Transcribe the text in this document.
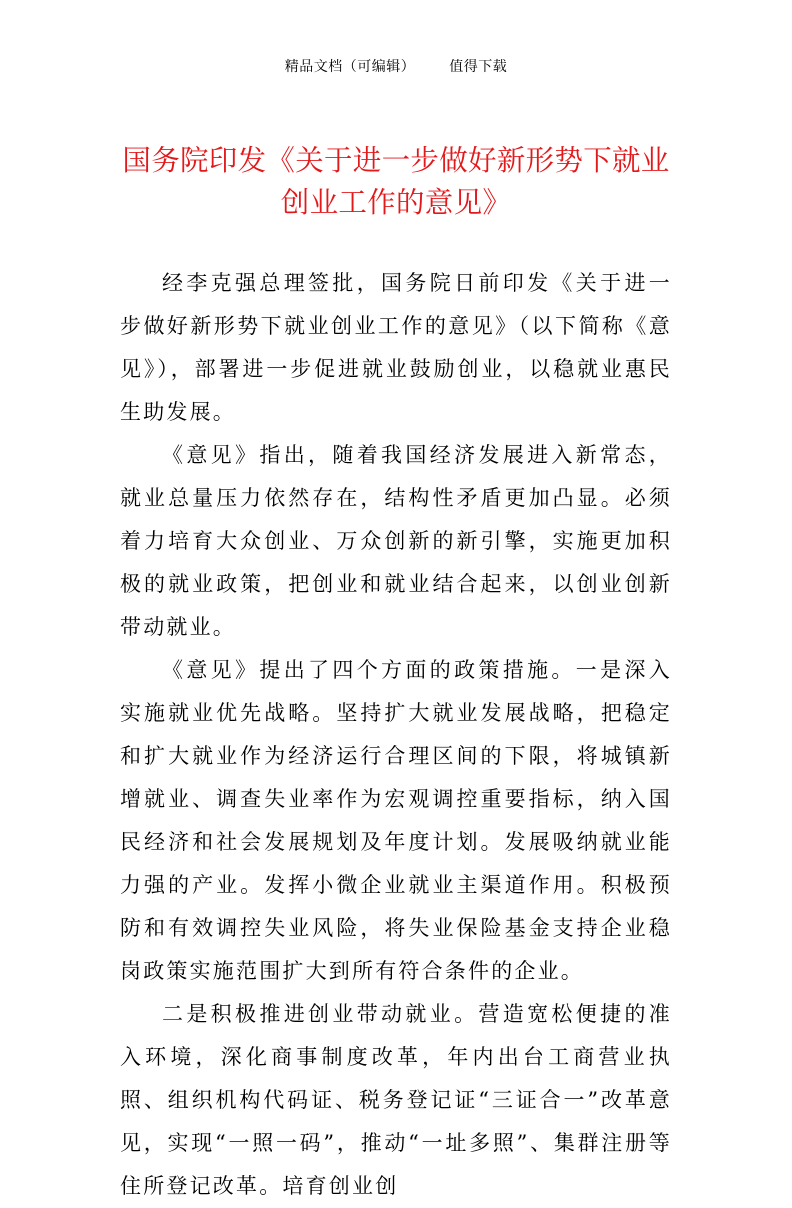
精品文档（可编辑） 值得下载
国务院印发《关于进一步做好新形势下就业
创业工作的意见》

经李克强总理签批，国务院日前印发《关于进一步做好新形势下就业创业工作的意见》（以下简称《意见》），部署进一步促进就业鼓励创业，以稳就业惠民生助发展。

《意见》指出，随着我国经济发展进入新常态，就业总量压力依然存在，结构性矛盾更加凸显。必须着力培育大众创业、万众创新的新引擎，实施更加积极的就业政策，把创业和就业结合起来，以创业创新带动就业。

《意见》提出了四个方面的政策措施。一是深入实施就业优先战略。坚持扩大就业发展战略，把稳定和扩大就业作为经济运行合理区间的下限，将城镇新增就业、调查失业率作为宏观调控重要指标，纳入国民经济和社会发展规划及年度计划。发展吸纳就业能力强的产业。发挥小微企业就业主渠道作用。积极预防和有效调控失业风险，将失业保险基金支持企业稳岗政策实施范围扩大到所有符合条件的企业。

二是积极推进创业带动就业。营造宽松便捷的准入环境，深化商事制度改革，年内出台工商营业执照、组织机构代码证、税务登记证“三证合一”改革意见，实现“一照一码”，推动“一址多照”、集群注册等住所登记改革。培育创业创
